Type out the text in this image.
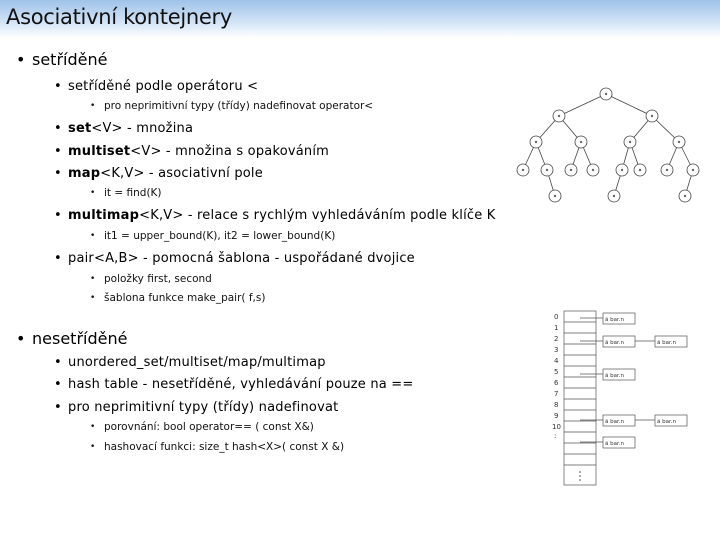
Asociativní kontejnery
• setříděné
• setříděné podle operátoru <
• pro neprimitivní typy (třídy) nadefinovat operator<
• set<V> - množina
• multiset<V> - množina s opakováním
• map<K,V> - asociativní pole
• it = find(K)
• multimap<K,V> - relace s rychlým vyhledáváním podle klíče K
• it1 = upper_bound(K), it2 = lower_bound(K)
• pair<A,B> - pomocná šablona - uspořádané dvojice
• položky first, second
• šablona funkce make_pair( f,s)
• nesetříděné
• unordered_set/multiset/map/multimap
• hash table - nesetříděné, vyhledávání pouze na ==
• pro neprimitivní typy (třídy) nadefinovat
• porovnání: bool operator== ( const X&)
• hashovací funkci: size_t hash<X>( const X &)
0
1
2
3
4
5
6
7
8
9
10
:
ä bar.n
ä bar.n	ä bar.n
ä bar.n
ä bar.n	ä bar.n
ä bar.n
